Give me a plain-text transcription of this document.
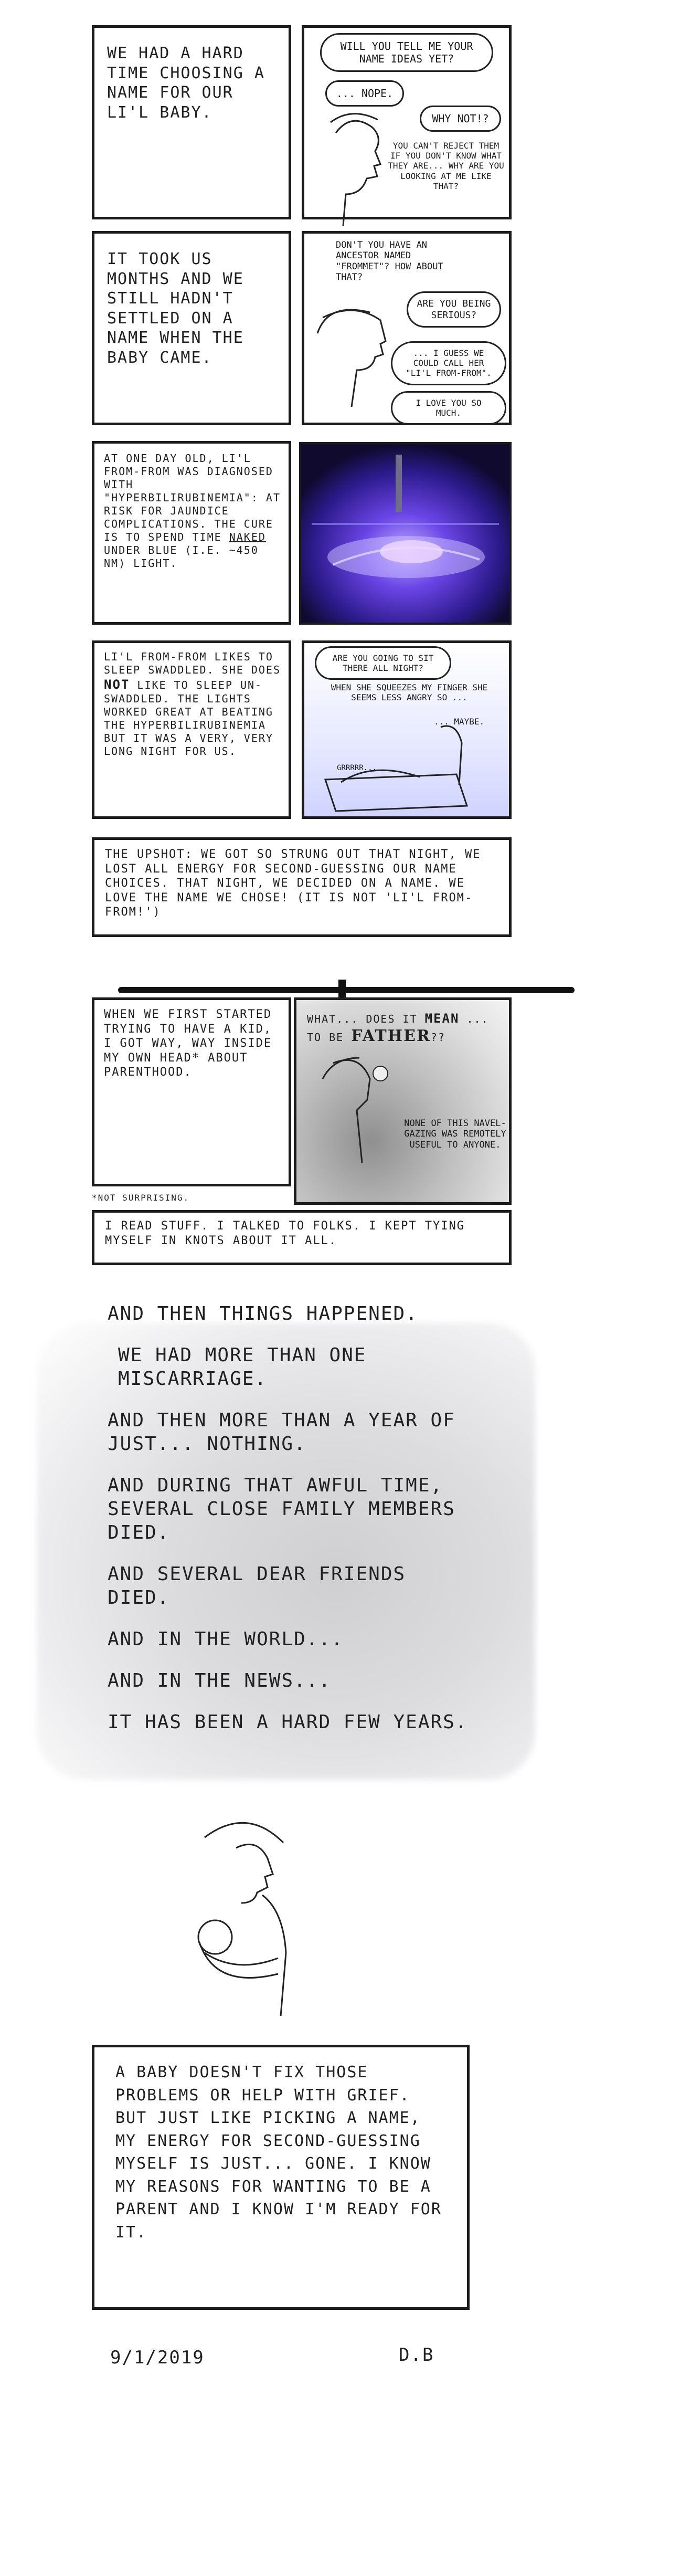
WE HAD A HARD TIME CHOOSING A NAME FOR OUR LI'L BABY.
WILL YOU TELL ME YOUR NAME IDEAS YET?
... NOPE.
WHY NOT!?
YOU CAN'T REJECT THEM IF YOU DON'T KNOW WHAT THEY ARE... WHY ARE YOU LOOKING AT ME LIKE THAT?
IT TOOK US MONTHS AND WE STILL HADN'T SETTLED ON A NAME WHEN THE BABY CAME.
DON'T YOU HAVE AN ANCESTOR NAMED "FROMMET"? HOW ABOUT THAT?
ARE YOU BEING SERIOUS?
... I GUESS WE COULD CALL HER "LI'L FROM-FROM".
I LOVE YOU SO MUCH.
AT ONE DAY OLD, LI'L FROM-FROM WAS DIAGNOSED WITH "HYPERBILIRUBINEMIA": AT RISK FOR JAUNDICE COMPLICATIONS. THE CURE IS TO SPEND TIME NAKED UNDER BLUE (I.E. ~450 NM) LIGHT.
LI'L FROM-FROM LIKES TO SLEEP SWADDLED. SHE DOES NOT LIKE TO SLEEP UN-SWADDLED. THE LIGHTS WORKED GREAT AT BEATING THE HYPERBILIRUBINEMIA BUT IT WAS A VERY, VERY LONG NIGHT FOR US.
ARE YOU GOING TO SIT THERE ALL NIGHT?
WHEN SHE SQUEEZES MY FINGER SHE SEEMS LESS ANGRY SO ...
... MAYBE.
GRRRRR...
THE UPSHOT: WE GOT SO STRUNG OUT THAT NIGHT, WE LOST ALL ENERGY FOR SECOND-GUESSING OUR NAME CHOICES. THAT NIGHT, WE DECIDED ON A NAME. WE LOVE THE NAME WE CHOSE! (IT IS NOT 'LI'L FROM-FROM!')
WHEN WE FIRST STARTED TRYING TO HAVE A KID, I GOT WAY, WAY INSIDE MY OWN HEAD* ABOUT PARENTHOOD.
*NOT SURPRISING.
WHAT... DOES IT MEAN ... TO BE FATHER??
NONE OF THIS NAVEL-GAZING WAS REMOTELY USEFUL TO ANYONE.
I READ STUFF. I TALKED TO FOLKS. I KEPT TYING MYSELF IN KNOTS ABOUT IT ALL.

AND THEN THINGS HAPPENED.

WE HAD MORE THAN ONE MISCARRIAGE.

AND THEN MORE THAN A YEAR OF JUST... NOTHING.

AND DURING THAT AWFUL TIME, SEVERAL CLOSE FAMILY MEMBERS DIED.

AND SEVERAL DEAR FRIENDS DIED.

AND IN THE WORLD...

AND IN THE NEWS...

IT HAS BEEN A HARD FEW YEARS.

A BABY DOESN'T FIX THOSE PROBLEMS OR HELP WITH GRIEF. BUT JUST LIKE PICKING A NAME, MY ENERGY FOR SECOND-GUESSING MYSELF IS JUST... GONE. I KNOW MY REASONS FOR WANTING TO BE A PARENT AND I KNOW I'M READY FOR IT.
9/1/2019	D.B
